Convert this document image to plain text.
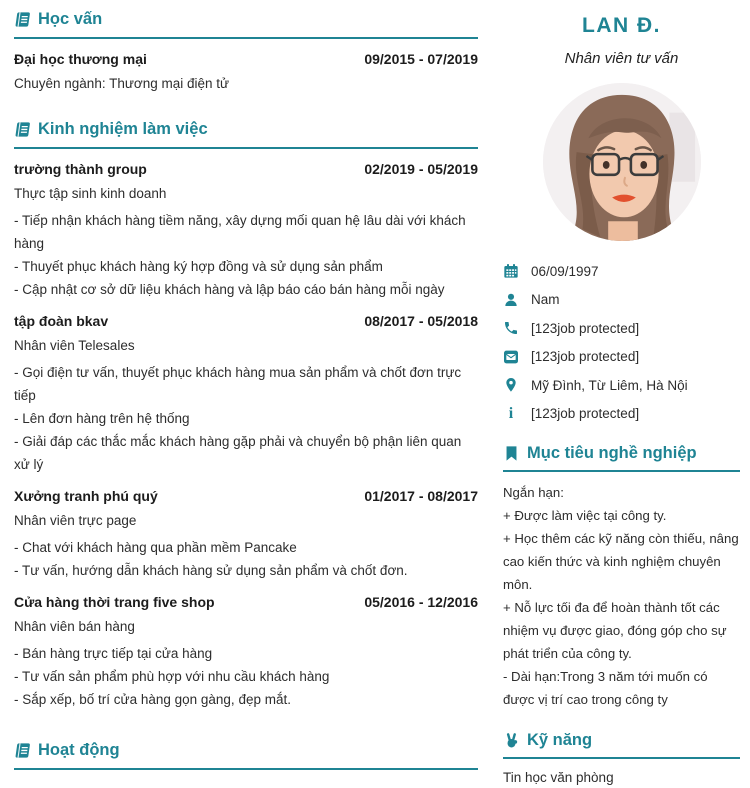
Học vấn
Đại học thương mại	09/2015 - 07/2019
Chuyên ngành: Thương mại điện tử
Kinh nghiệm làm việc
trường thành group	02/2019 - 05/2019
Thực tập sinh kinh doanh
- Tiếp nhận khách hàng tiềm năng, xây dựng mối quan hệ lâu dài với khách hàng
- Thuyết phục khách hàng ký hợp đồng và sử dụng sản phẩm
- Cập nhật cơ sở dữ liệu khách hàng và lập báo cáo bán hàng mỗi ngày
tập đoàn bkav	08/2017 - 05/2018
Nhân viên Telesales
- Gọi điện tư vấn, thuyết phục khách hàng mua sản phẩm và chốt đơn trực tiếp
- Lên đơn hàng trên hệ thống
- Giải đáp các thắc mắc khách hàng gặp phải và chuyển bộ phận liên quan xử lý
Xưởng tranh phú quý	01/2017 - 08/2017
Nhân viên trực page
- Chat với khách hàng qua phần mềm Pancake
- Tư vấn, hướng dẫn khách hàng sử dụng sản phẩm và chốt đơn.
Cửa hàng thời trang five shop	05/2016 - 12/2016
Nhân viên bán hàng
- Bán hàng trực tiếp tại cửa hàng
- Tư vấn sản phẩm phù hợp với nhu cầu khách hàng
- Sắp xếp, bố trí cửa hàng gọn gàng, đẹp mắt.
Hoạt động
LAN Đ.
Nhân viên tư vấn
06/09/1997
Nam
[123job protected]
[123job protected]
Mỹ Đình, Từ Liêm, Hà Nội
i	[123job protected]
Mục tiêu nghề nghiệp

Ngắn hạn:

+ Được làm việc tại công ty.

+ Học thêm các kỹ năng còn thiếu, nâng cao kiến thức và kinh nghiệm chuyên môn.

+ Nỗ lực tối đa để hoàn thành tốt các nhiệm vụ được giao, đóng góp cho sự phát triển của công ty.

- Dài hạn:Trong 3 năm tới muốn có được vị trí cao trong công ty

Kỹ năng
Tin học văn phòng
